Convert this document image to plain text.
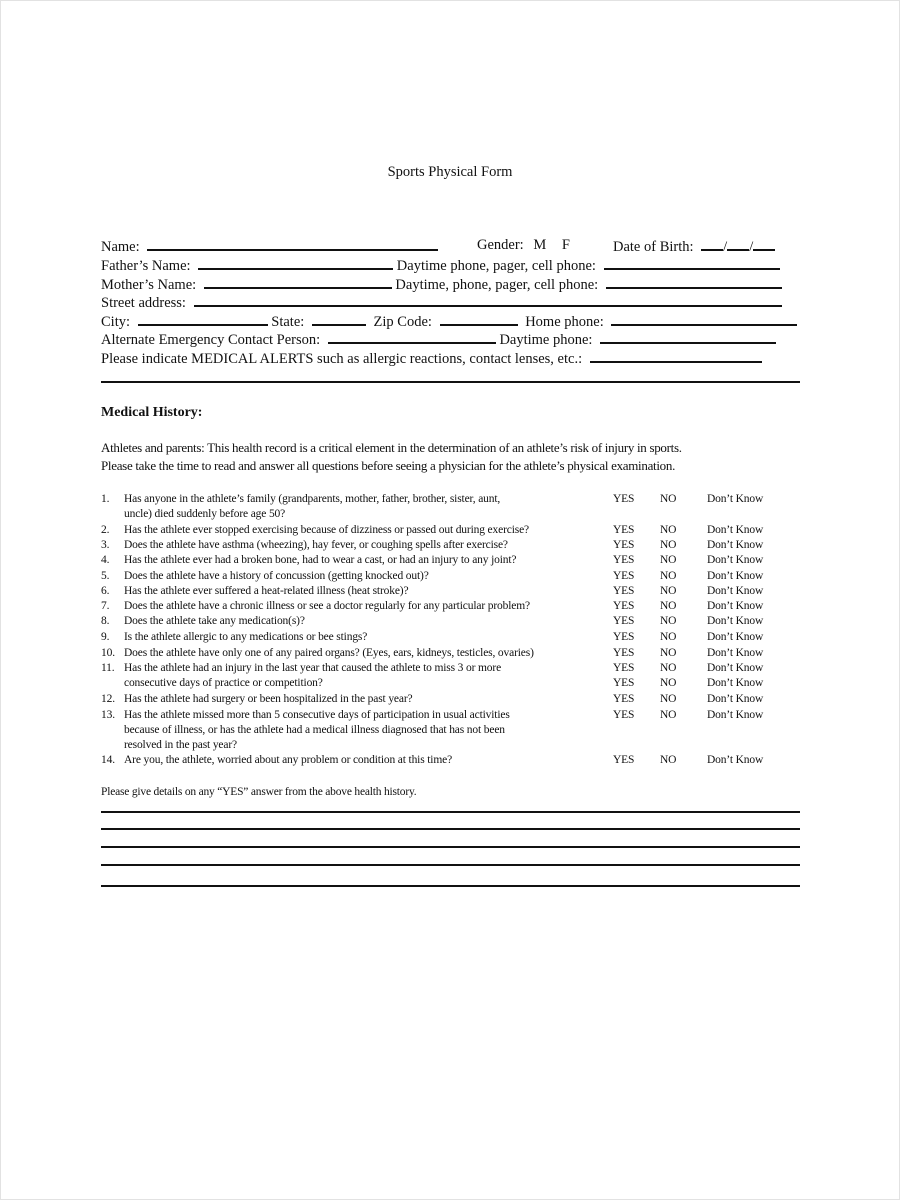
Sports Physical Form
Name:	Gender: M F	Date of Birth: / /
Father’s Name:	Daytime phone, pager, cell phone:
Mother’s Name:	Daytime, phone, pager, cell phone:
Street address:
City:	State:	Zip Code:	Home phone:
Alternate Emergency Contact Person:	Daytime phone:
Please indicate MEDICAL ALERTS such as allergic reactions, contact lenses, etc.:
Medical History:
Athletes and parents: This health record is a critical element in the determination of an athlete’s risk of injury in sports.
Please take the time to read and answer all questions before seeing a physician for the athlete’s physical examination.
1. Has anyone in the athlete’s family (grandparents, mother, father, brother, sister, aunt,
uncle) died suddenly before age 50?
YES NO	Don’t Know
2. Has the athlete ever stopped exercising because of dizziness or passed out during exercise?	YES NO	Don’t Know
3. Does the athlete have asthma (wheezing), hay fever, or coughing spells after exercise?	YES NO	Don’t Know
4. Has the athlete ever had a broken bone, had to wear a cast, or had an injury to any joint?	YES NO	Don’t Know
5. Does the athlete have a history of concussion (getting knocked out)?	YES NO	Don’t Know
6. Has the athlete ever suffered a heat-related illness (heat stroke)?	YES NO	Don’t Know
7. Does the athlete have a chronic illness or see a doctor regularly for any particular problem?	YES NO	Don’t Know
8. Does the athlete take any medication(s)?	YES NO	Don’t Know
9. Is the athlete allergic to any medications or bee stings?	YES NO	Don’t Know
10. Does the athlete have only one of any paired organs? (Eyes, ears, kidneys, testicles, ovaries)	YES NO	Don’t Know
11. Has the athlete had an injury in the last year that caused the athlete to miss 3 or more
consecutive days of practice or competition?
YES NO	Don’t Know
YES NO	Don’t Know
12. Has the athlete had surgery or been hospitalized in the past year?	YES NO	Don’t Know
13. Has the athlete missed more than 5 consecutive days of participation in usual activities
because of illness, or has the athlete had a medical illness diagnosed that has not been
resolved in the past year?
YES NO	Don’t Know
14. Are you, the athlete, worried about any problem or condition at this time?	YES NO	Don’t Know
Please give details on any “YES” answer from the above health history.
